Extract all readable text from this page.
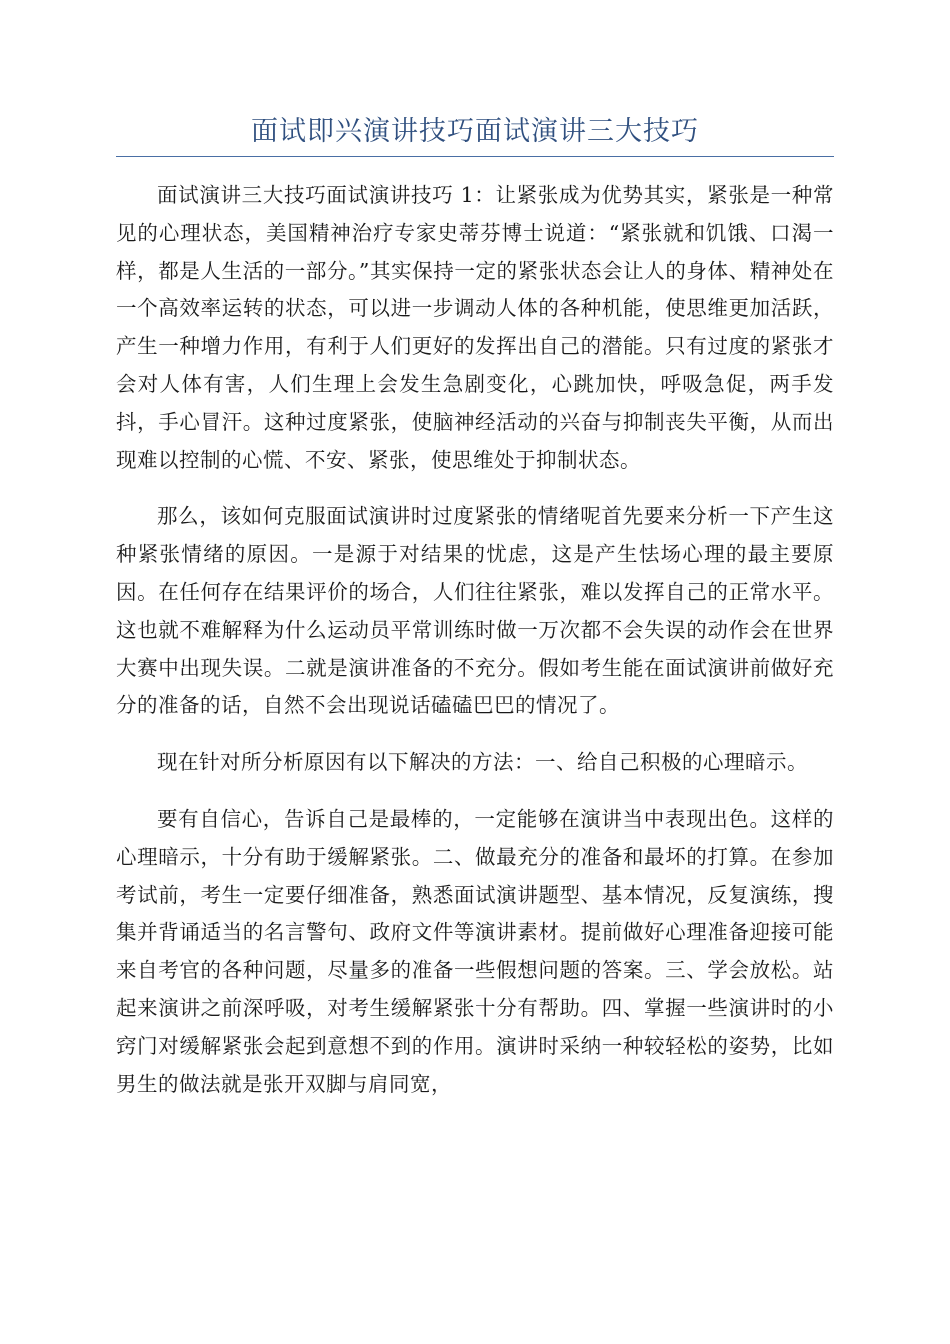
面试即兴演讲技巧面试演讲三大技巧

面试演讲三大技巧面试演讲技巧 1：让紧张成为优势其实，紧张是一种常见的心理状态，美国精神治疗专家史蒂芬博士说道：“紧张就和饥饿、口渴一样，都是人生活的一部分。”其实保持一定的紧张状态会让人的身体、精神处在一个高效率运转的状态，可以进一步调动人体的各种机能，使思维更加活跃，产生一种增力作用，有利于人们更好的发挥出自己的潜能。只有过度的紧张才会对人体有害，人们生理上会发生急剧变化，心跳加快，呼吸急促，两手发抖，手心冒汗。这种过度紧张，使脑神经活动的兴奋与抑制丧失平衡，从而出现难以控制的心慌、不安、紧张，使思维处于抑制状态。

那么，该如何克服面试演讲时过度紧张的情绪呢首先要来分析一下产生这种紧张情绪的原因。一是源于对结果的忧虑，这是产生怯场心理的最主要原因。在任何存在结果评价的场合，人们往往紧张，难以发挥自己的正常水平。这也就不难解释为什么运动员平常训练时做一万次都不会失误的动作会在世界大赛中出现失误。二就是演讲准备的不充分。假如考生能在面试演讲前做好充分的准备的话，自然不会出现说话磕磕巴巴的情况了。

现在针对所分析原因有以下解决的方法：一、给自己积极的心理暗示。

要有自信心，告诉自己是最棒的，一定能够在演讲当中表现出色。这样的心理暗示，十分有助于缓解紧张。二、做最充分的准备和最坏的打算。在参加考试前，考生一定要仔细准备，熟悉面试演讲题型、基本情况，反复演练，搜集并背诵适当的名言警句、政府文件等演讲素材。提前做好心理准备迎接可能来自考官的各种问题，尽量多的准备一些假想问题的答案。三、学会放松。站起来演讲之前深呼吸，对考生缓解紧张十分有帮助。四、掌握一些演讲时的小窍门对缓解紧张会起到意想不到的作用。演讲时采纳一种较轻松的姿势，比如男生的做法就是张开双脚与肩同宽，
